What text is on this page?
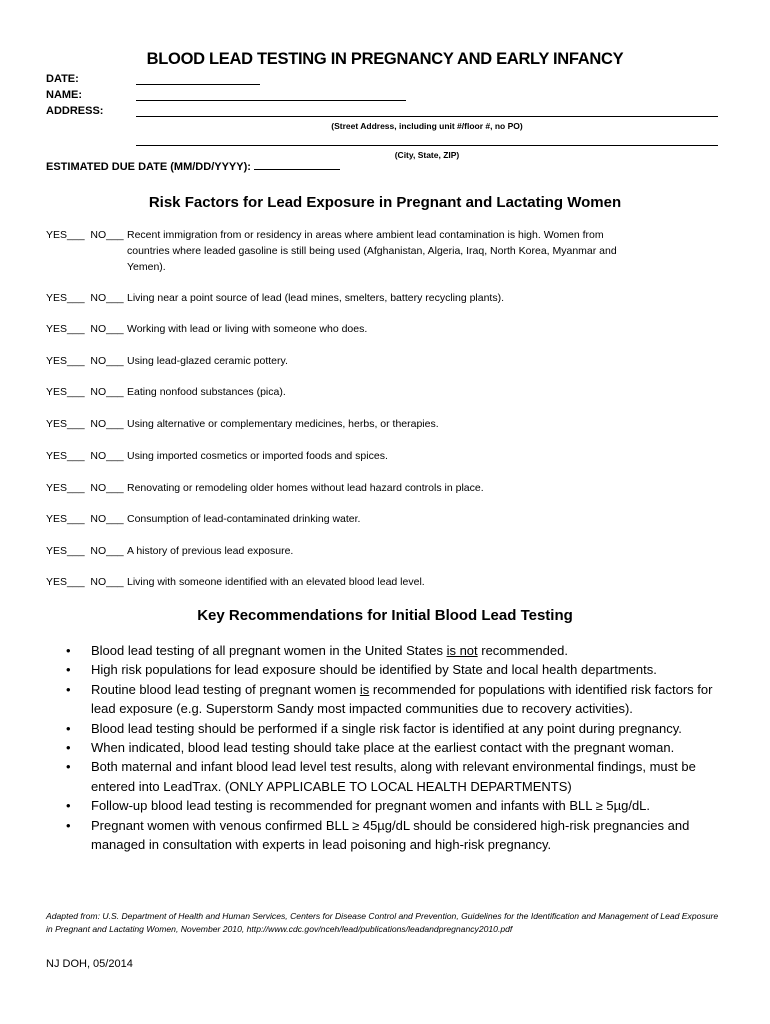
BLOOD LEAD TESTING IN PREGNANCY AND EARLY INFANCY
DATE:
NAME:
ADDRESS:
(Street Address, including unit #/floor #, no PO)
(City, State, ZIP)
ESTIMATED DUE DATE (MM/DD/YYYY):
Risk Factors for Lead Exposure in Pregnant and Lactating Women
YES___ NO___ Recent immigration from or residency in areas where ambient lead contamination is high. Women from countries where leaded gasoline is still being used (Afghanistan, Algeria, Iraq, North Korea, Myanmar and Yemen).
YES___ NO___ Living near a point source of lead (lead mines, smelters, battery recycling plants).
YES___ NO___ Working with lead or living with someone who does.
YES___ NO___ Using lead-glazed ceramic pottery.
YES___ NO___ Eating nonfood substances (pica).
YES___ NO___ Using alternative or complementary medicines, herbs, or therapies.
YES___ NO___ Using imported cosmetics or imported foods and spices.
YES___ NO___ Renovating or remodeling older homes without lead hazard controls in place.
YES___ NO___ Consumption of lead-contaminated drinking water.
YES___ NO___ A history of previous lead exposure.
YES___ NO___ Living with someone identified with an elevated blood lead level.
Key Recommendations for Initial Blood Lead Testing
• Blood lead testing of all pregnant women in the United States is not recommended.
• High risk populations for lead exposure should be identified by State and local health departments.
• Routine blood lead testing of pregnant women is recommended for populations with identified risk factors for lead exposure (e.g. Superstorm Sandy most impacted communities due to recovery activities).
• Blood lead testing should be performed if a single risk factor is identified at any point during pregnancy.
• When indicated, blood lead testing should take place at the earliest contact with the pregnant woman.
• Both maternal and infant blood lead level test results, along with relevant environmental findings, must be entered into LeadTrax. (ONLY APPLICABLE TO LOCAL HEALTH DEPARTMENTS)
• Follow-up blood lead testing is recommended for pregnant women and infants with BLL ≥ 5µg/dL.
• Pregnant women with venous confirmed BLL ≥ 45µg/dL should be considered high-risk pregnancies and managed in consultation with experts in lead poisoning and high-risk pregnancy.
Adapted from: U.S. Department of Health and Human Services, Centers for Disease Control and Prevention, Guidelines for the Identification and Management of Lead Exposure in Pregnant and Lactating Women, November 2010, http://www.cdc.gov/nceh/lead/publications/leadandpregnancy2010.pdf
NJ DOH, 05/2014
